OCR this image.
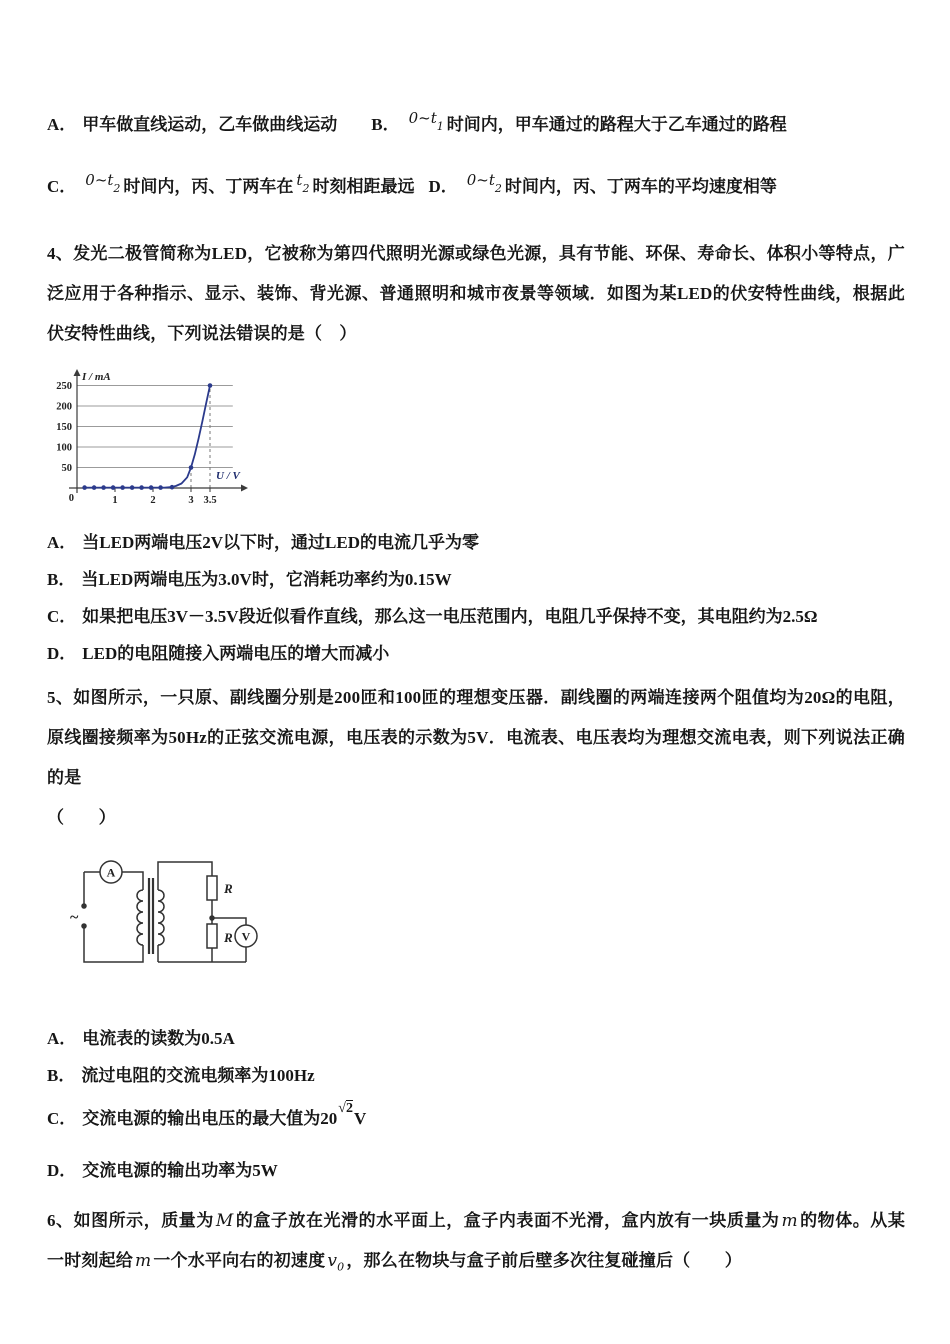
A． 甲车做直线运动，乙车做曲线运动 B． $0\sim t_1$ 时间内，甲车通过的路程大于乙车通过的路程
C． $0\sim t_2$ 时间内，丙、丁两车在 $t_2$ 时刻相距最远 D． $0\sim t_2$ 时间内，丙、丁两车的平均速度相等
4、发光二极管简称为LED，它被称为第四代照明光源或绿色光源，具有节能、环保、寿命长、体积小等特点，广泛应用于各种指示、显示、装饰、背光源、普通照明和城市夜景等领域．如图为某LED的伏安特性曲线，根据此伏安特性曲线，下列说法错误的是（　）
50
100
150
200
250
1	2	3 3.5
0
I / mA
U / V
A． 当LED两端电压2V以下时，通过LED的电流几乎为零
B． 当LED两端电压为3.0V时，它消耗功率约为0.15W
C． 如果把电压3V－3.5V段近似看作直线，那么这一电压范围内，电阻几乎保持不变，其电阻约为2.5Ω
D． LED的电阻随接入两端电压的增大而减小
5、如图所示，一只原、副线圈分别是200匝和100匝的理想变压器．副线圈的两端连接两个阻值均为20Ω的电阻，原线圈接频率为50Hz的正弦交流电源，电压表的示数为5V．电流表、电压表均为理想交流电表，则下列说法正确的是
（　　）
A
V
~
R
R
A． 电流表的读数为0.5A
B． 流过电阻的交流电频率为100Hz
C． 交流电源的输出电压的最大值为$20^{√2}V$
D． 交流电源的输出功率为5W
6、如图所示，质量为 M 的盒子放在光滑的水平面上，盒子内表面不光滑，盒内放有一块质量为 m 的物体。从某一时刻起给 m 一个水平向右的初速度 $v_0$ ，那么在物块与盒子前后壁多次往复碰撞后（　　）
